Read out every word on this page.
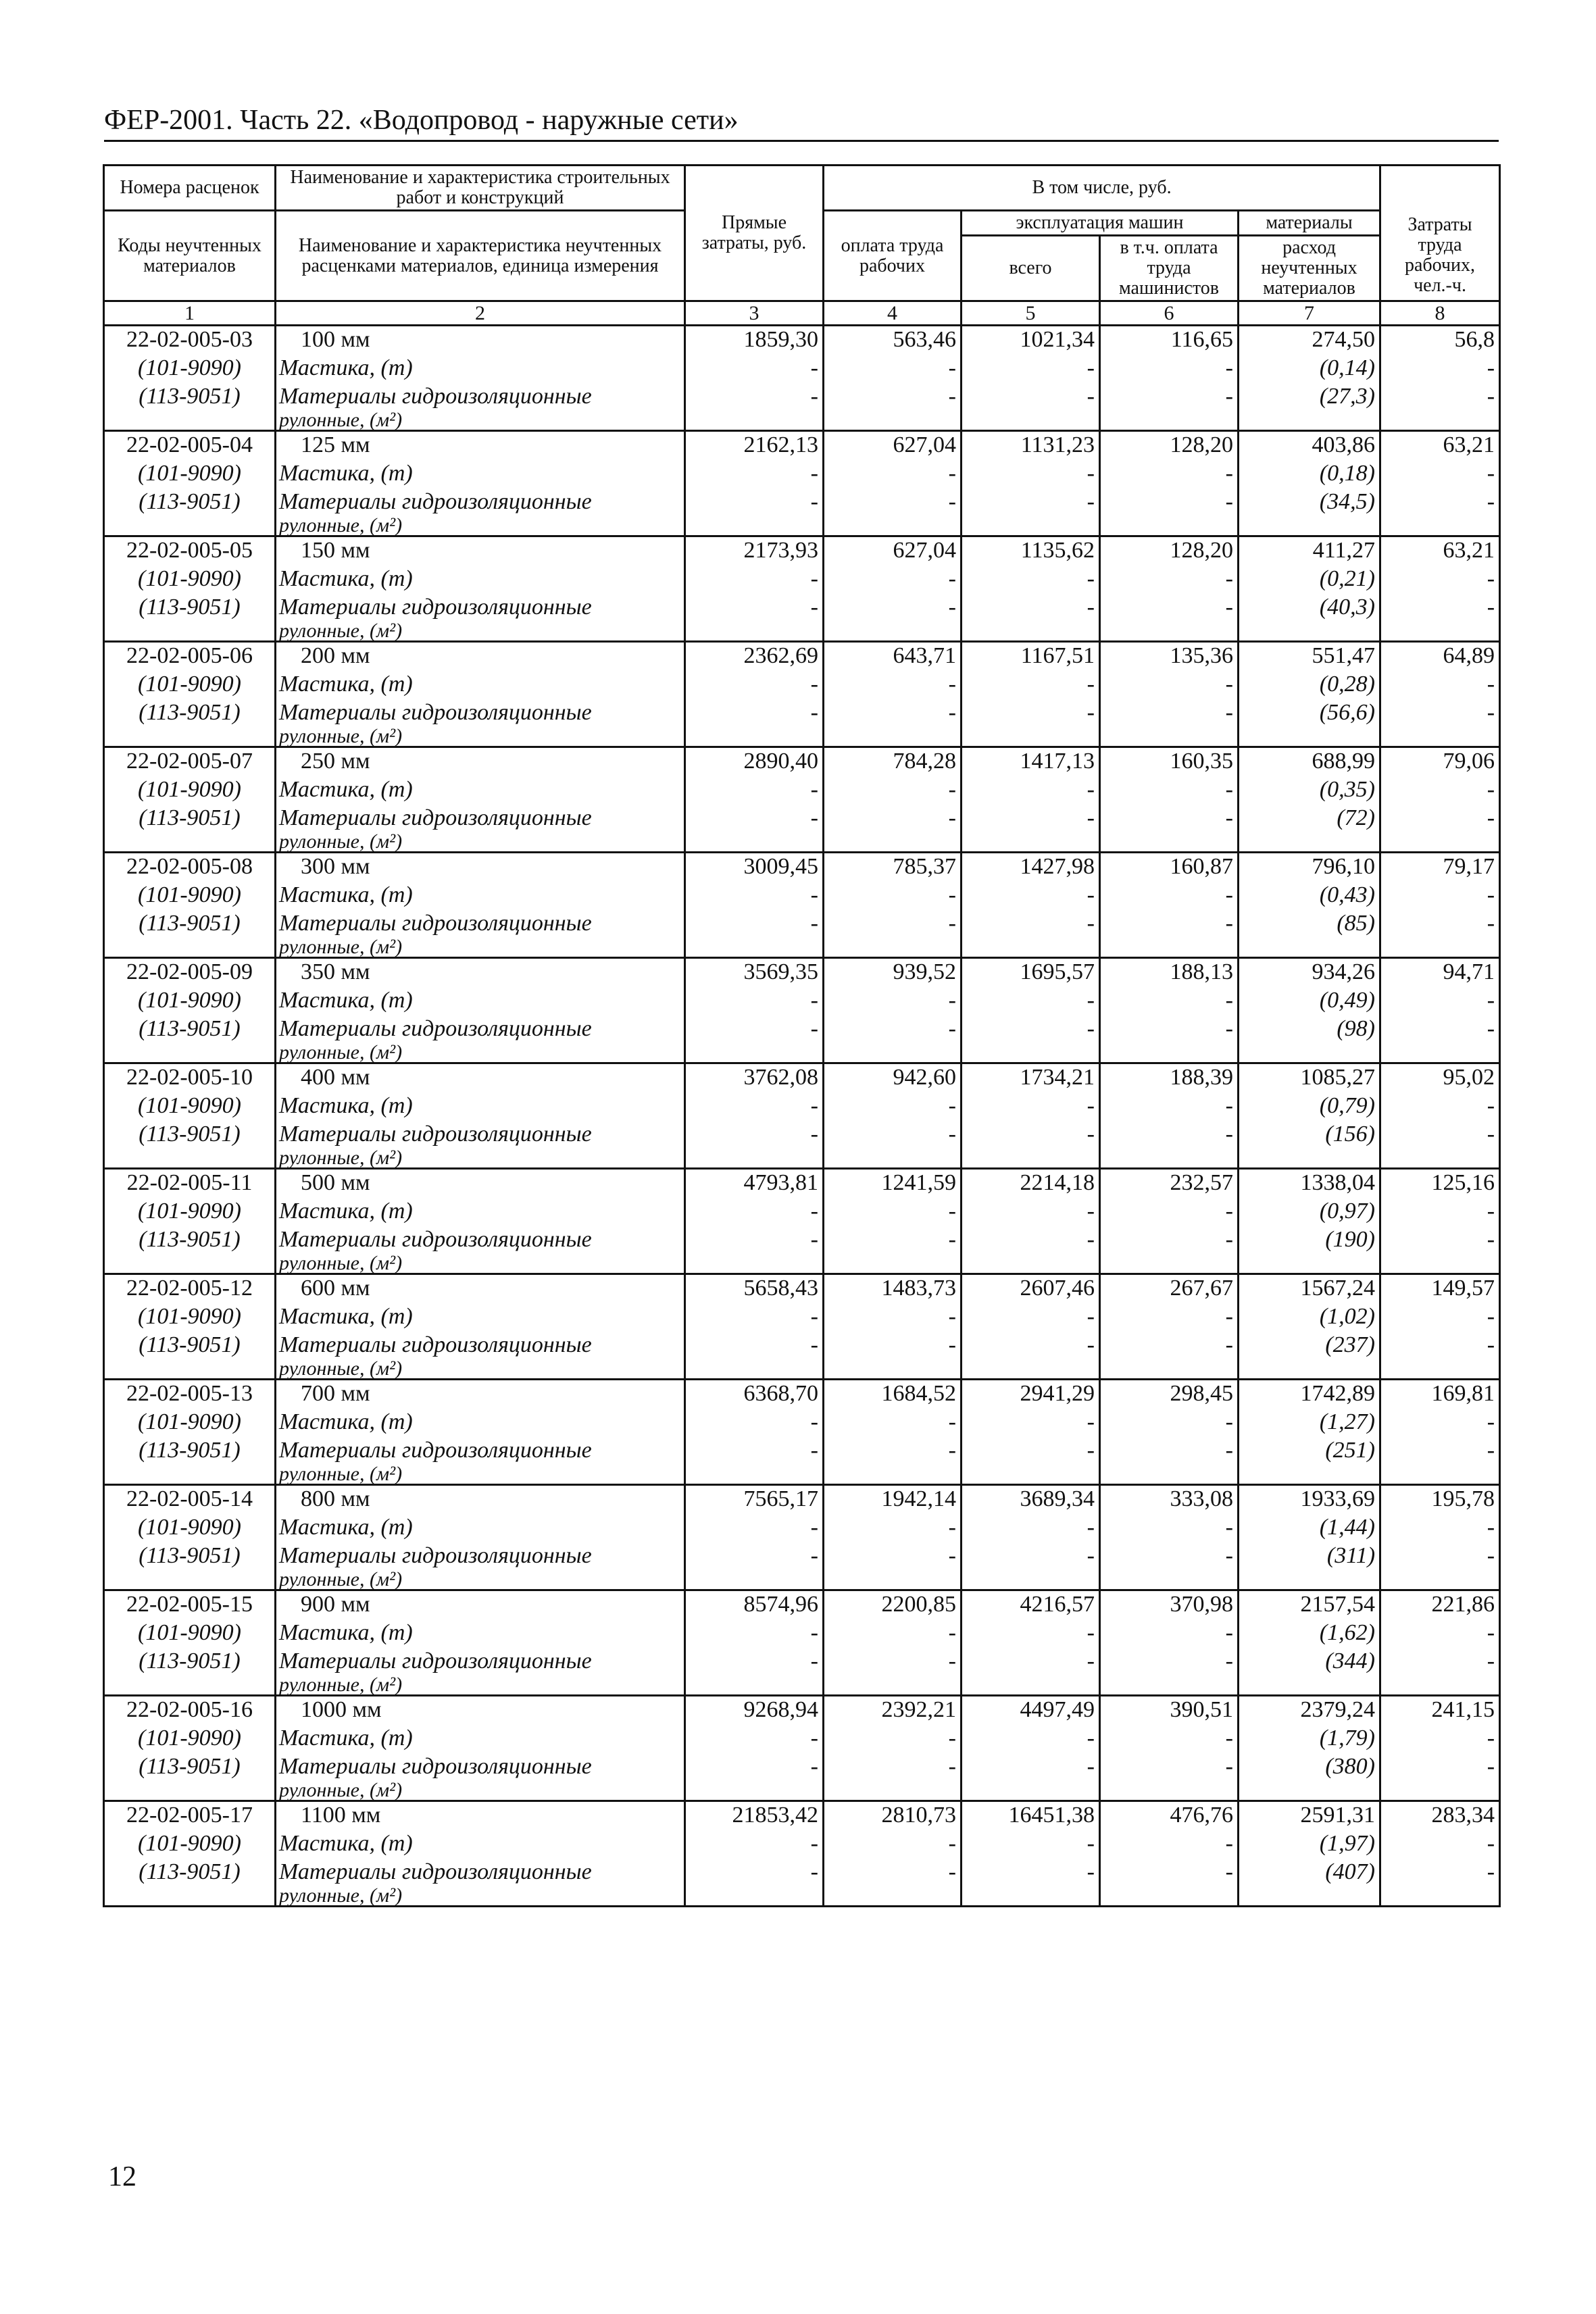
ФЕР-2001. Часть 22. «Водопровод - наружные сети»
Номера расценок	Наименование и характеристика строительных работ и конструкций	Прямые затраты, руб.	В том числе, руб.				
Коды неучтенных материалов	Наименование и характеристика неучтенных расценками материалов, единица измерения		оплата труда рабочих	эксплуатация машин		материалы	Затраты труда рабочих, чел.-ч.
				всего	в т.ч. оплата труда машинистов	расход неучтенных материалов	
1	2	3	4	5	6	7	8
22-02-005-03	100 мм	1859,30	563,46	1021,34	116,65	274,50	56,8
(101-9090)	Мастика, (т)	-	-	-	-	(0,14)	-
(113-9051)	Материалы гидроизоляционные	-	-	-	-	(27,3)	-
	рулонные, (м²)						
22-02-005-04	125 мм	2162,13	627,04	1131,23	128,20	403,86	63,21
(101-9090)	Мастика, (т)	-	-	-	-	(0,18)	-
(113-9051)	Материалы гидроизоляционные	-	-	-	-	(34,5)	-
	рулонные, (м²)						
22-02-005-05	150 мм	2173,93	627,04	1135,62	128,20	411,27	63,21
(101-9090)	Мастика, (т)	-	-	-	-	(0,21)	-
(113-9051)	Материалы гидроизоляционные	-	-	-	-	(40,3)	-
	рулонные, (м²)						
22-02-005-06	200 мм	2362,69	643,71	1167,51	135,36	551,47	64,89
(101-9090)	Мастика, (т)	-	-	-	-	(0,28)	-
(113-9051)	Материалы гидроизоляционные	-	-	-	-	(56,6)	-
	рулонные, (м²)						
22-02-005-07	250 мм	2890,40	784,28	1417,13	160,35	688,99	79,06
(101-9090)	Мастика, (т)	-	-	-	-	(0,35)	-
(113-9051)	Материалы гидроизоляционные	-	-	-	-	(72)	-
	рулонные, (м²)						
22-02-005-08	300 мм	3009,45	785,37	1427,98	160,87	796,10	79,17
(101-9090)	Мастика, (т)	-	-	-	-	(0,43)	-
(113-9051)	Материалы гидроизоляционные	-	-	-	-	(85)	-
	рулонные, (м²)						
22-02-005-09	350 мм	3569,35	939,52	1695,57	188,13	934,26	94,71
(101-9090)	Мастика, (т)	-	-	-	-	(0,49)	-
(113-9051)	Материалы гидроизоляционные	-	-	-	-	(98)	-
	рулонные, (м²)						
22-02-005-10	400 мм	3762,08	942,60	1734,21	188,39	1085,27	95,02
(101-9090)	Мастика, (т)	-	-	-	-	(0,79)	-
(113-9051)	Материалы гидроизоляционные	-	-	-	-	(156)	-
	рулонные, (м²)						
22-02-005-11	500 мм	4793,81	1241,59	2214,18	232,57	1338,04	125,16
(101-9090)	Мастика, (т)	-	-	-	-	(0,97)	-
(113-9051)	Материалы гидроизоляционные	-	-	-	-	(190)	-
	рулонные, (м²)						
22-02-005-12	600 мм	5658,43	1483,73	2607,46	267,67	1567,24	149,57
(101-9090)	Мастика, (т)	-	-	-	-	(1,02)	-
(113-9051)	Материалы гидроизоляционные	-	-	-	-	(237)	-
	рулонные, (м²)						
22-02-005-13	700 мм	6368,70	1684,52	2941,29	298,45	1742,89	169,81
(101-9090)	Мастика, (т)	-	-	-	-	(1,27)	-
(113-9051)	Материалы гидроизоляционные	-	-	-	-	(251)	-
	рулонные, (м²)						
22-02-005-14	800 мм	7565,17	1942,14	3689,34	333,08	1933,69	195,78
(101-9090)	Мастика, (т)	-	-	-	-	(1,44)	-
(113-9051)	Материалы гидроизоляционные	-	-	-	-	(311)	-
	рулонные, (м²)						
22-02-005-15	900 мм	8574,96	2200,85	4216,57	370,98	2157,54	221,86
(101-9090)	Мастика, (т)	-	-	-	-	(1,62)	-
(113-9051)	Материалы гидроизоляционные	-	-	-	-	(344)	-
	рулонные, (м²)						
22-02-005-16	1000 мм	9268,94	2392,21	4497,49	390,51	2379,24	241,15
(101-9090)	Мастика, (т)	-	-	-	-	(1,79)	-
(113-9051)	Материалы гидроизоляционные	-	-	-	-	(380)	-
	рулонные, (м²)						
22-02-005-17	1100 мм	21853,42	2810,73	16451,38	476,76	2591,31	283,34
(101-9090)	Мастика, (т)	-	-	-	-	(1,97)	-
(113-9051)	Материалы гидроизоляционные	-	-	-	-	(407)	-
	рулонные, (м²)						
12
